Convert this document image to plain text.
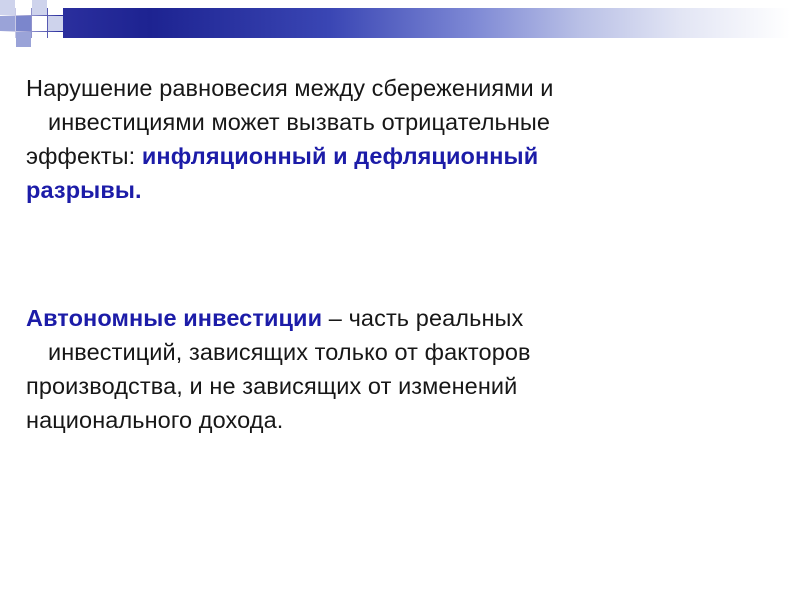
Нарушение равновесия между сбережениями и
инвестициями может вызвать отрицательные
эффекты: инфляционный и дефляционный
разрывы.
Автономные инвестиции – часть реальных
инвестиций, зависящих только от факторов
производства, и не зависящих от изменений
национального дохода.
